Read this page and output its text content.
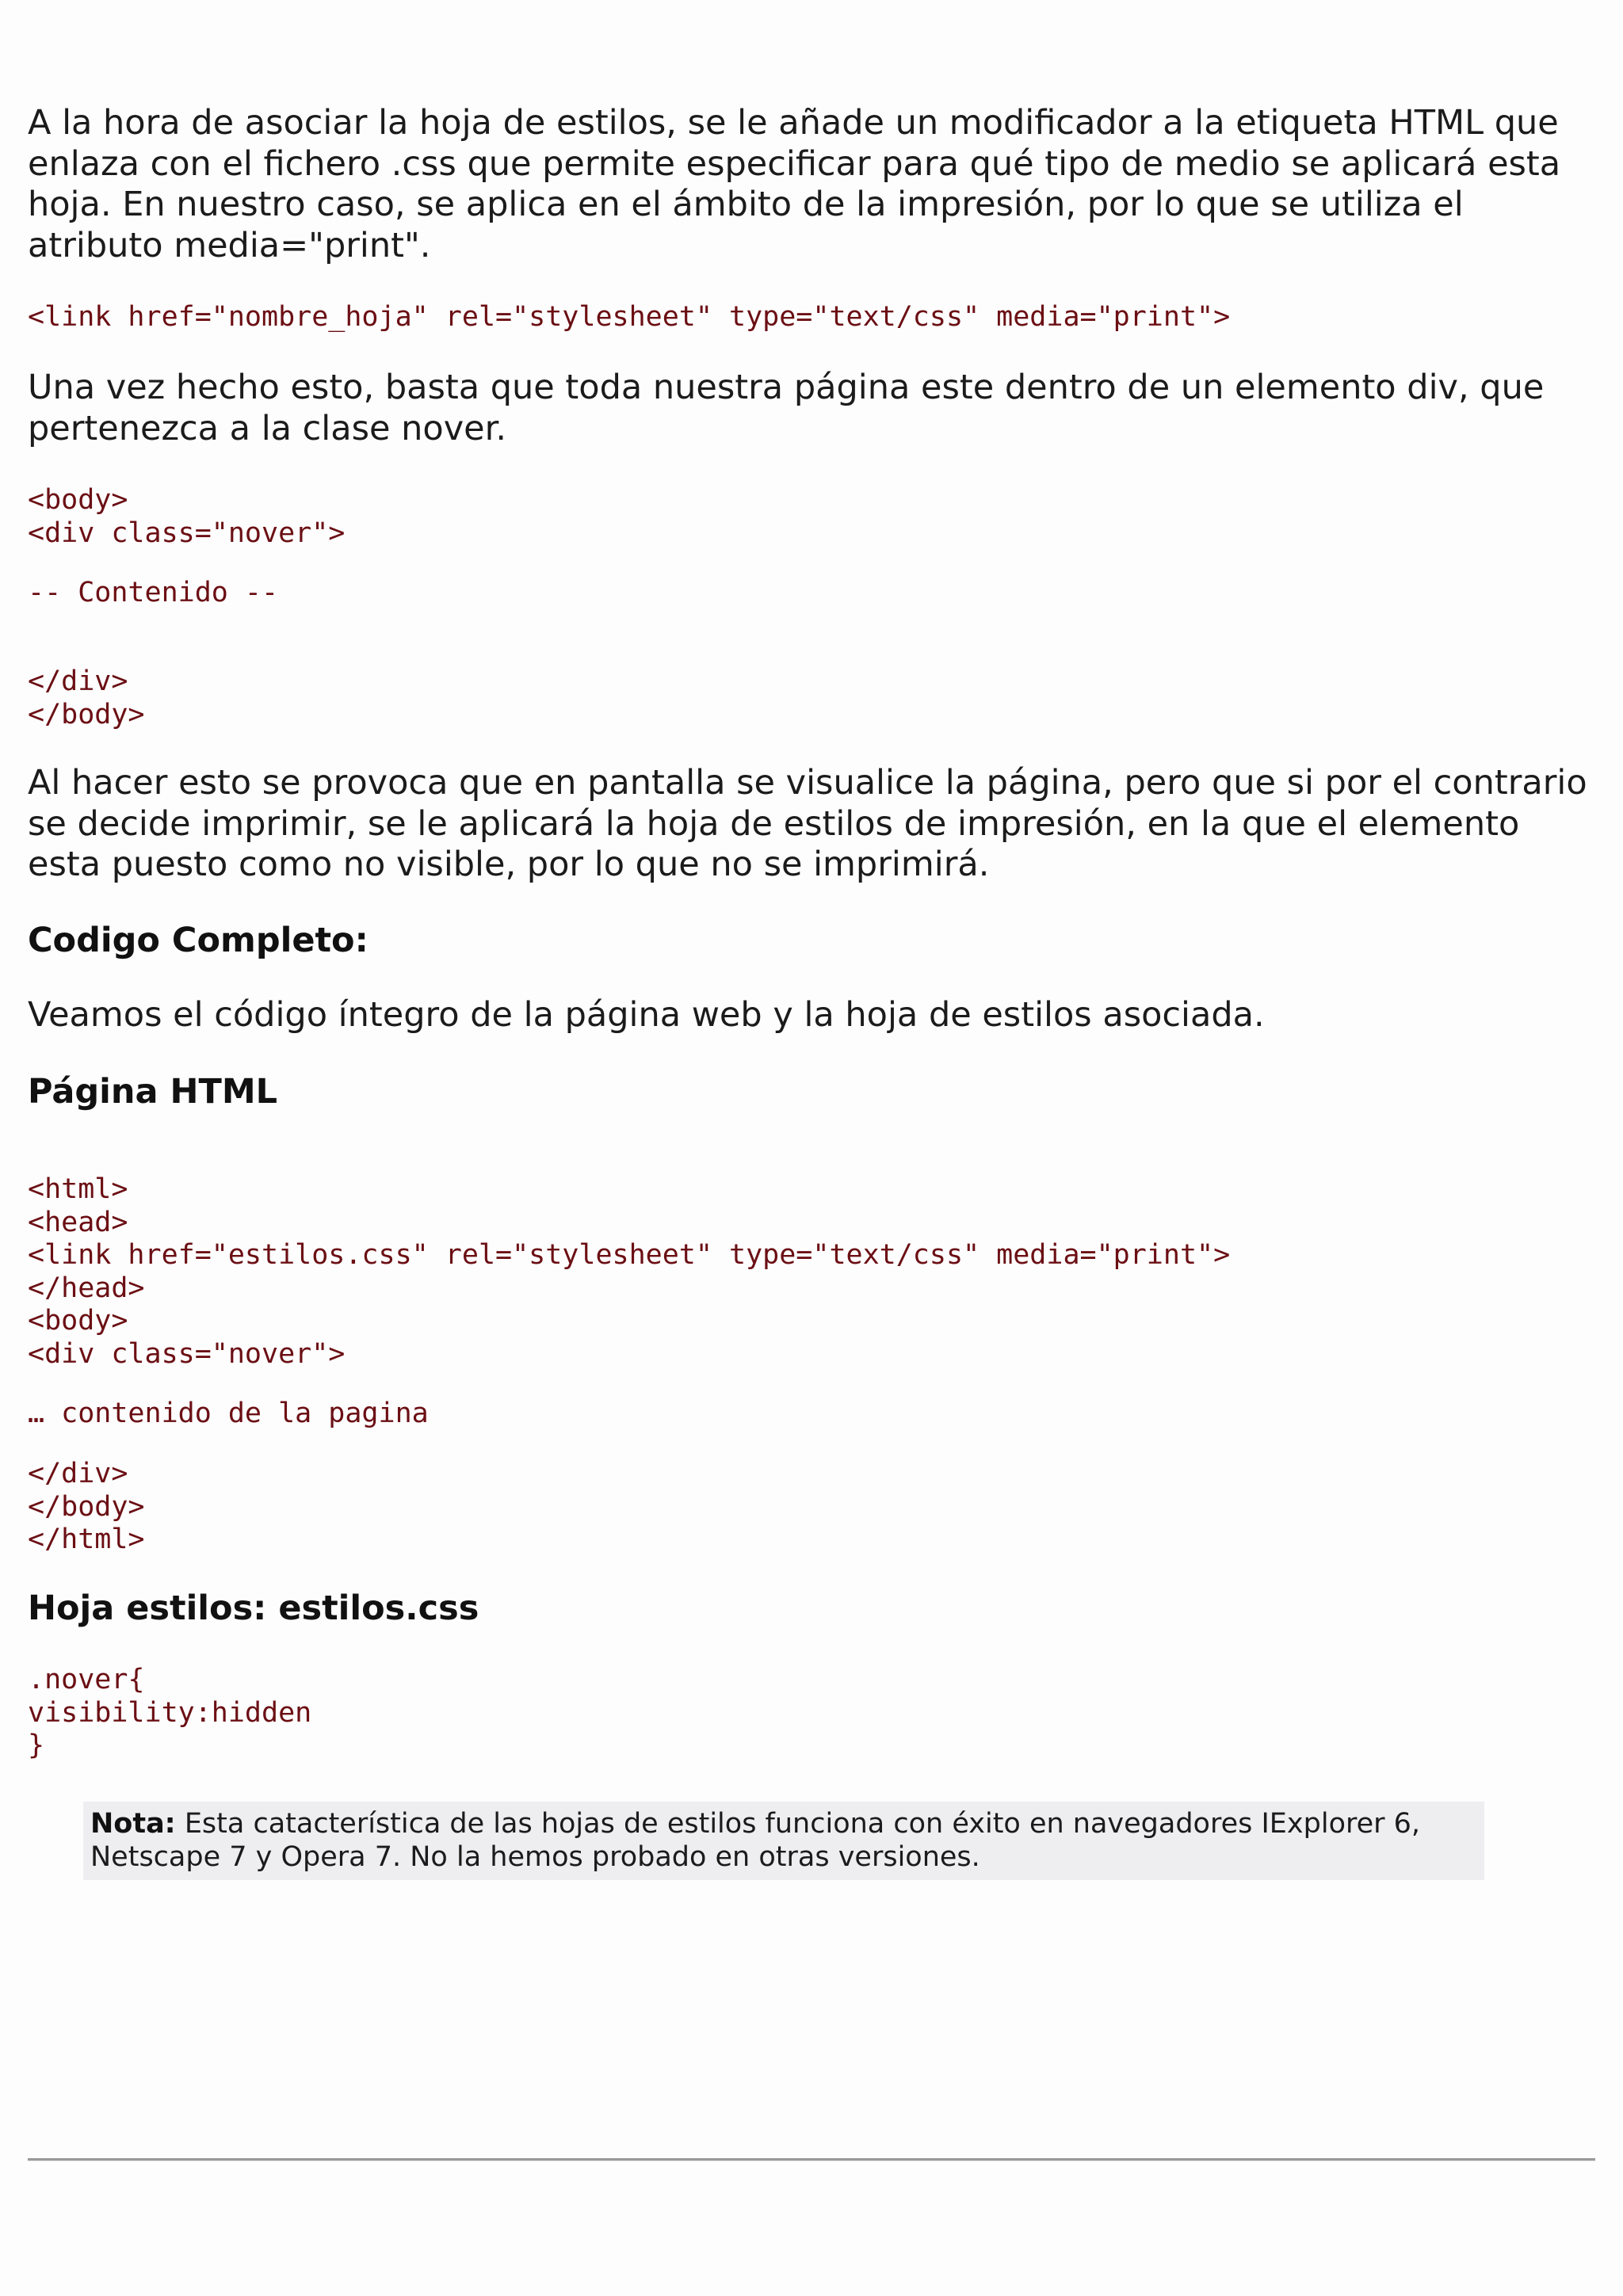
A la hora de asociar la hoja de estilos, se le añade un modificador a la etiqueta HTML que enlaza con el fichero .css que permite especificar para qué tipo de medio se aplicará esta hoja. En nuestro caso, se aplica en el ámbito de la impresión, por lo que se utiliza el atributo media="print".

<link href="nombre_hoja" rel="stylesheet" type="text/css" media="print">

Una vez hecho esto, basta que toda nuestra página este dentro de un elemento div, que pertenezca a la clase nover.

<body>
<div class="nover">
-- Contenido --
</div>
</body>

Al hacer esto se provoca que en pantalla se visualice la página, pero que si por el contrario se decide imprimir, se le aplicará la hoja de estilos de impresión, en la que el elemento esta puesto como no visible, por lo que no se imprimirá.

Codigo Completo:

Veamos el código íntegro de la página web y la hoja de estilos asociada.

Página HTML
<html>
<head>
<link href="estilos.css" rel="stylesheet" type="text/css" media="print">
</head>
<body>
<div class="nover">
… contenido de la pagina
</div>
</body>
</html>
Hoja estilos: estilos.css
.nover{
visibility:hidden
}
Nota: Esta catacterística de las hojas de estilos funciona con éxito en navegadores IExplorer 6, Netscape 7 y Opera 7. No la hemos probado en otras versiones.
